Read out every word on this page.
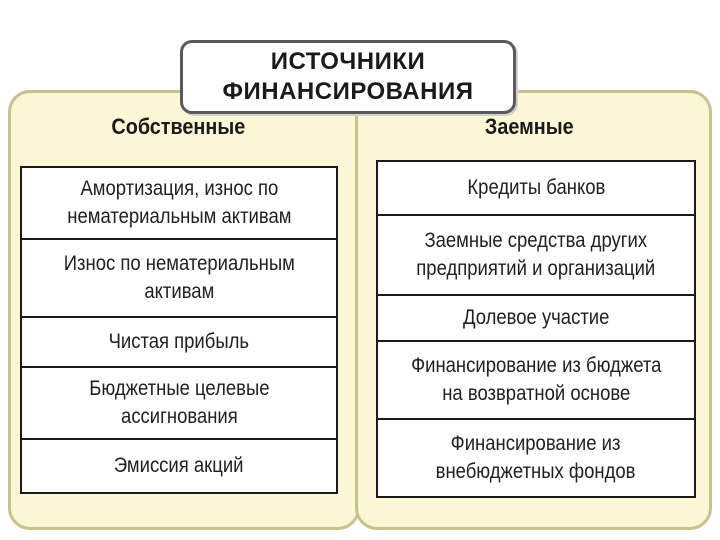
ИСТОЧНИКИ
ФИНАНСИРОВАНИЯ
Собственные	Заемные
Амортизация, износ по
нематериальным активам
Износ по нематериальным
активам
Чистая прибыль
Бюджетные целевые
ассигнования
Эмиссия акций
Кредиты банков
Заемные средства других
предприятий и организаций
Долевое участие
Финансирование из бюджета
на возвратной основе
Финансирование из
внебюджетных фондов
